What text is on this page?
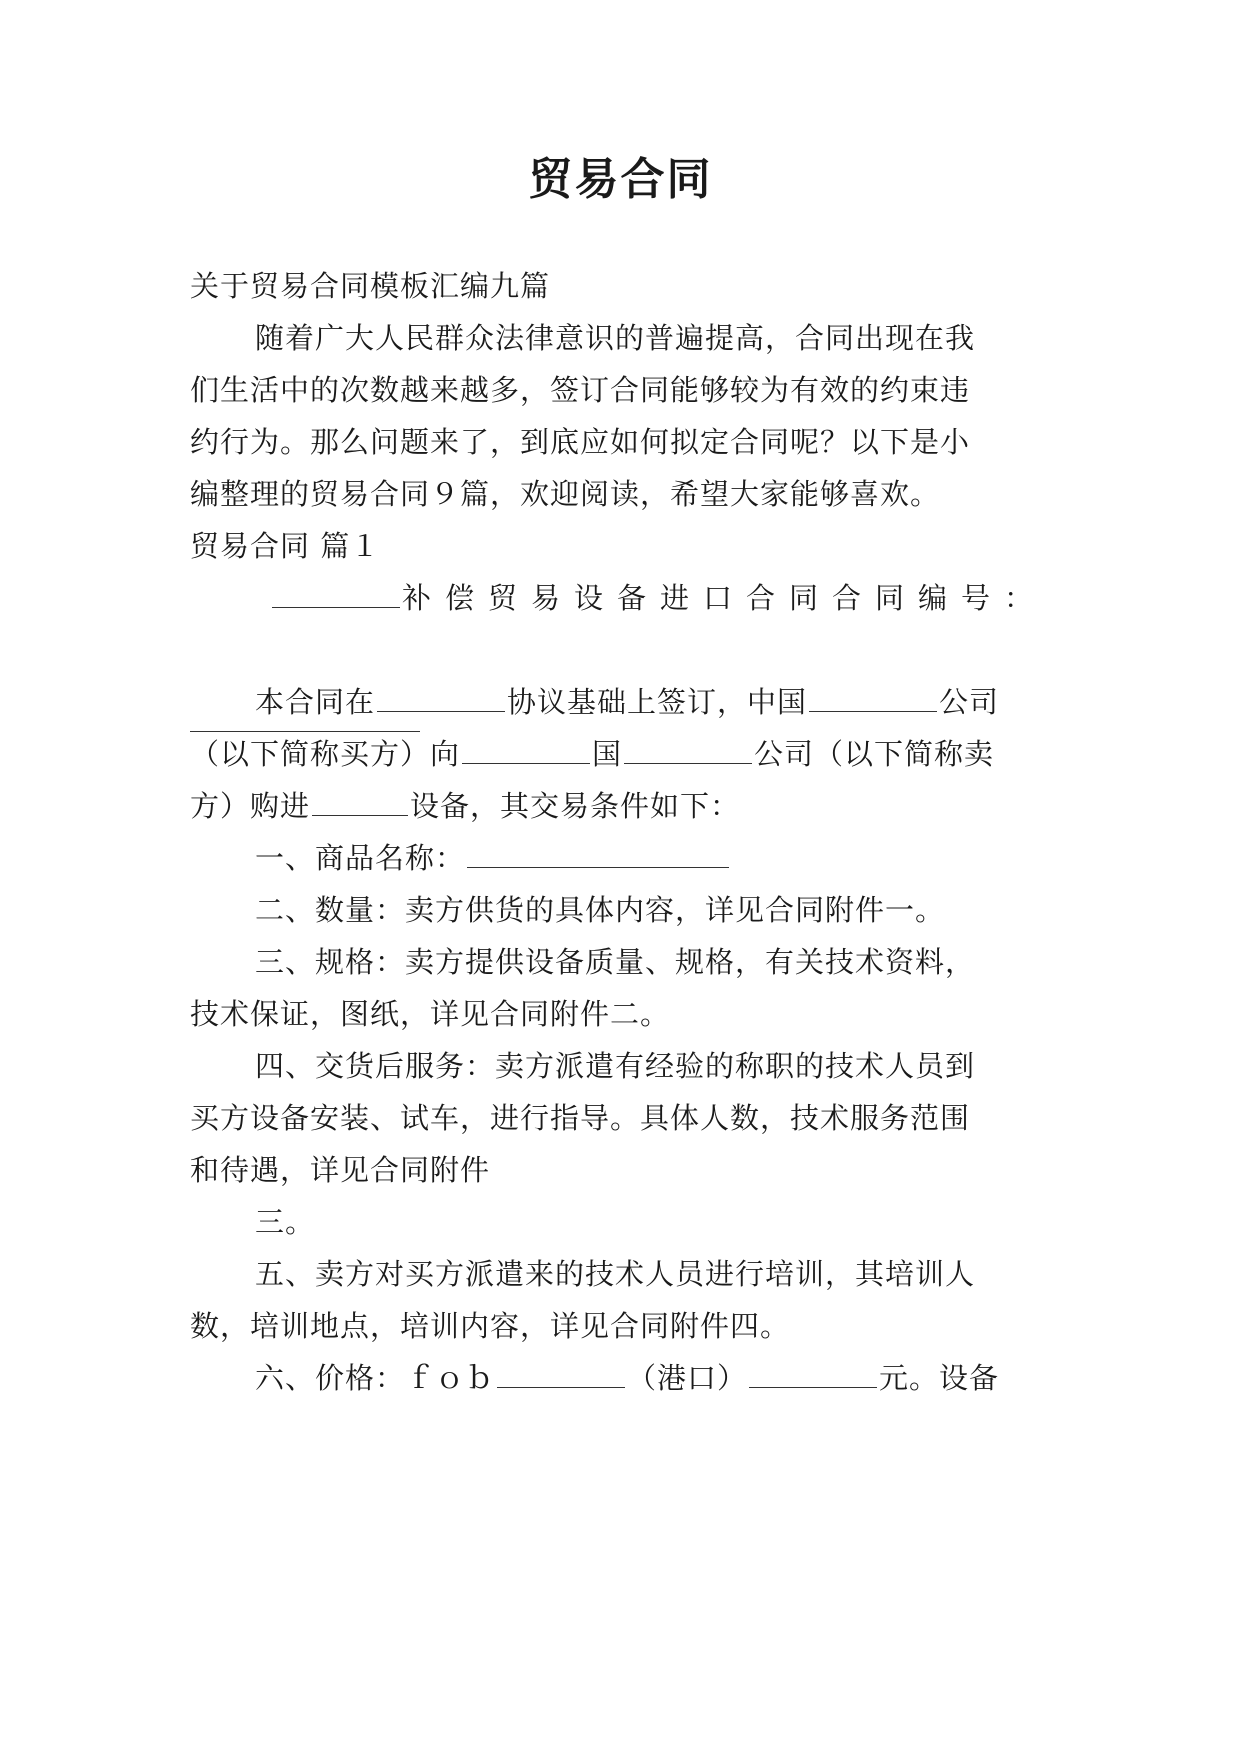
贸易合同
关于贸易合同模板汇编九篇
随着广大人民群众法律意识的普遍提高，合同出现在我
们生活中的次数越来越多，签订合同能够较为有效的约束违
约行为。那么问题来了，到底应如何拟定合同呢？以下是小
编整理的贸易合同９篇，欢迎阅读，希望大家能够喜欢。
贸易合同 篇１
补偿贸易设备进口合同合同编号：
本合同在	协议基础上签订，中国	公司
（以下简称买方）向	国	公司（以下简称卖
方）购进	设备，其交易条件如下：
一、商品名称：
二、数量：卖方供货的具体内容，详见合同附件一。
三、规格：卖方提供设备质量、规格，有关技术资料，
技术保证，图纸，详见合同附件二。
四、交货后服务：卖方派遣有经验的称职的技术人员到
买方设备安装、试车，进行指导。具体人数，技术服务范围
和待遇，详见合同附件
三。
五、卖方对买方派遣来的技术人员进行培训，其培训人
数，培训地点，培训内容，详见合同附件四。
六、价格：ｆｏｂ	（港口）	元。设备
